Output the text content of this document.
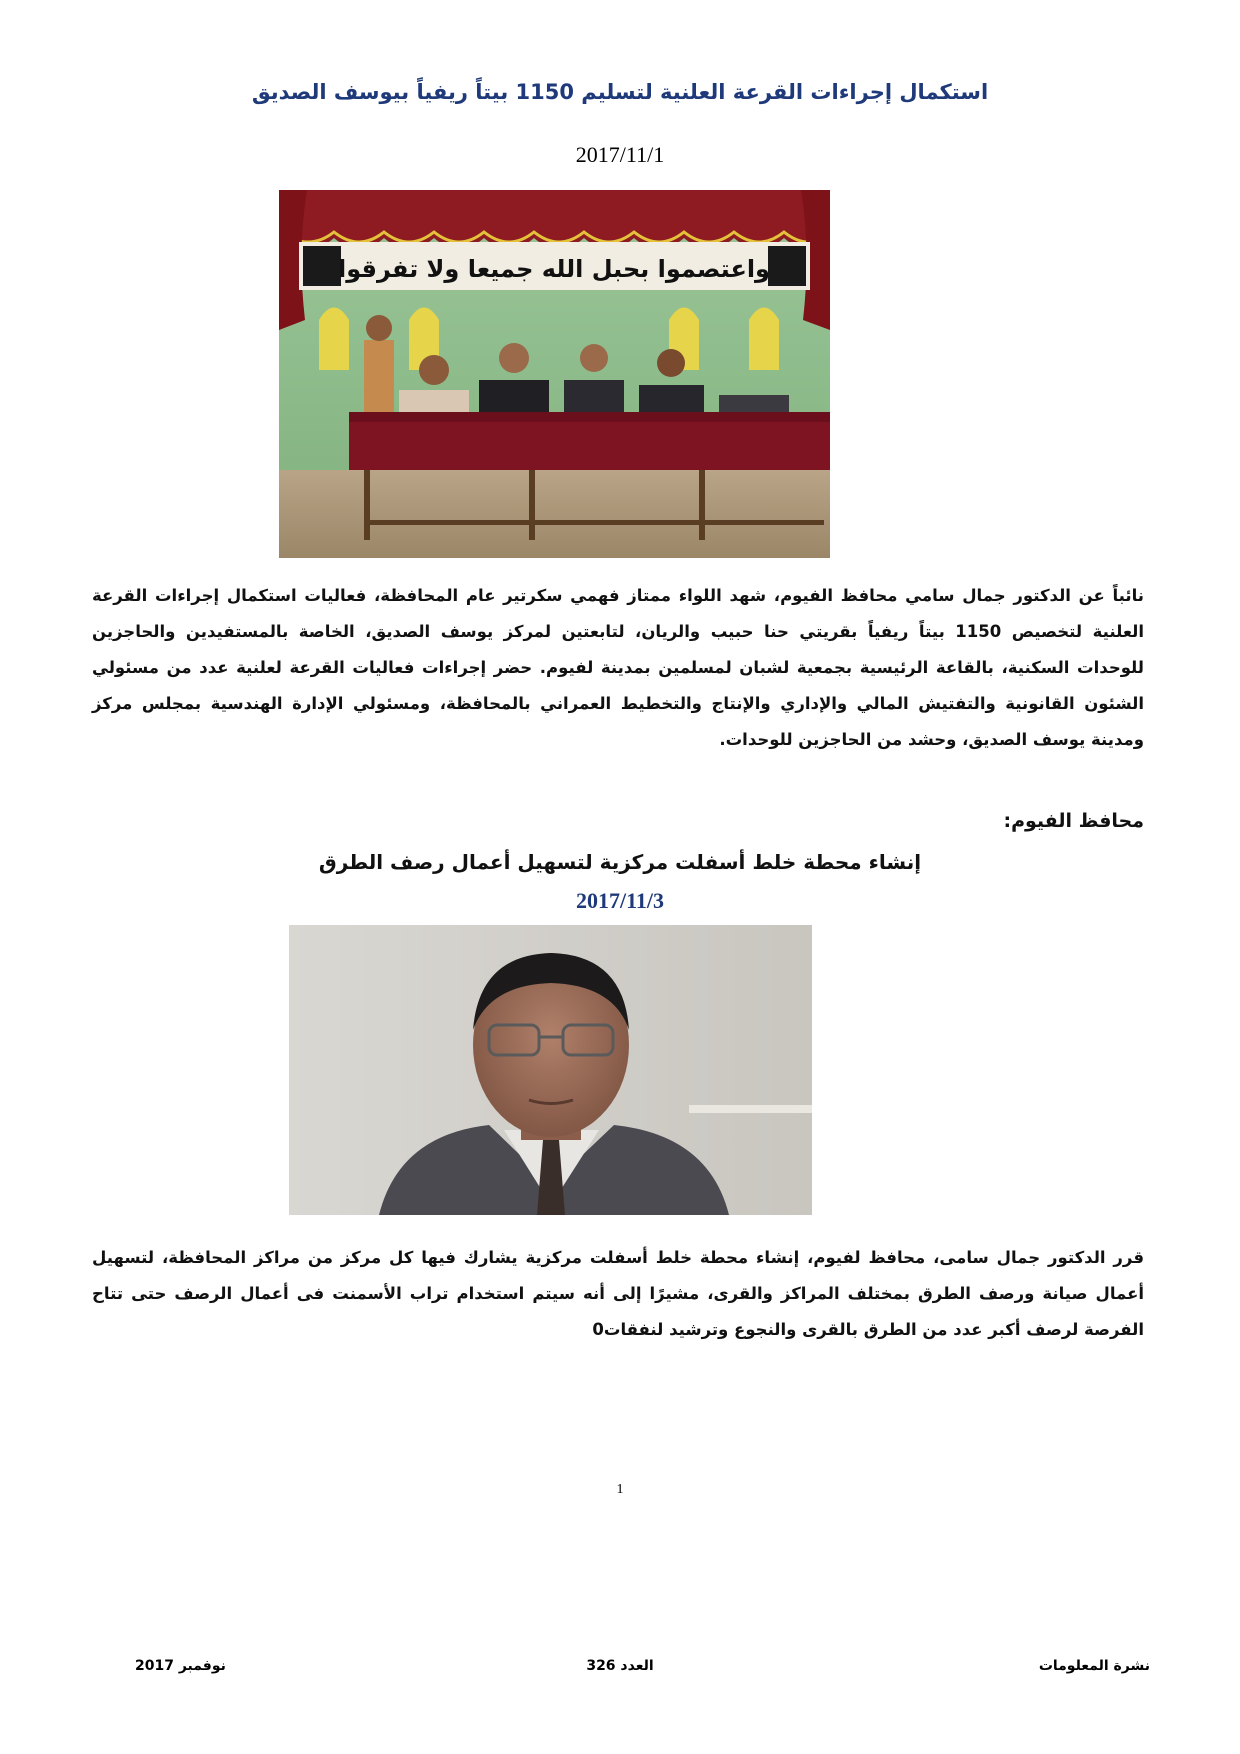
استكمال إجراءات القرعة العلنية لتسليم 1150 بيتاً ريفياً بيوسف الصديق
2017/11/1
واعتصموا بحبل الله جميعا ولا تفرقوا
نائباً عن الدكتور جمال سامي محافظ الفيوم، شهد اللواء ممتاز فهمي سكرتير عام المحافظة، فعاليات استكمال إجراءات القرعة العلنية لتخصيص 1150 بيتاً ريفياً بقريتي حنا حبيب والريان، لتابعتين لمركز يوسف الصديق، الخاصة بالمستفيدين والحاجزين للوحدات السكنية، بالقاعة الرئيسية بجمعية لشبان لمسلمين بمدينة لفيوم. حضر إجراءات فعاليات القرعة لعلنية عدد من مسئولي الشئون القانونية والتفتيش المالي والإداري والإنتاج والتخطيط العمراني بالمحافظة، ومسئولي الإدارة الهندسية بمجلس مركز ومدينة يوسف الصديق، وحشد من الحاجزين للوحدات.
محافظ الفيوم:
إنشاء محطة خلط أسفلت مركزية لتسهيل أعمال رصف الطرق
2017/11/3
قرر الدكتور جمال سامى، محافظ لفيوم، إنشاء محطة خلط أسفلت مركزية يشارك فيها كل مركز من مراكز المحافظة، لتسهيل أعمال صيانة ورصف الطرق بمختلف المراكز والقرى، مشيرًا إلى أنه سيتم استخدام تراب الأسمنت فى أعمال الرصف حتى تتاح الفرصة لرصف أكبر عدد من الطرق بالقرى والنجوع وترشيد لنفقات0
1
نشرة المعلومات
العدد 326
نوفمبر 2017
